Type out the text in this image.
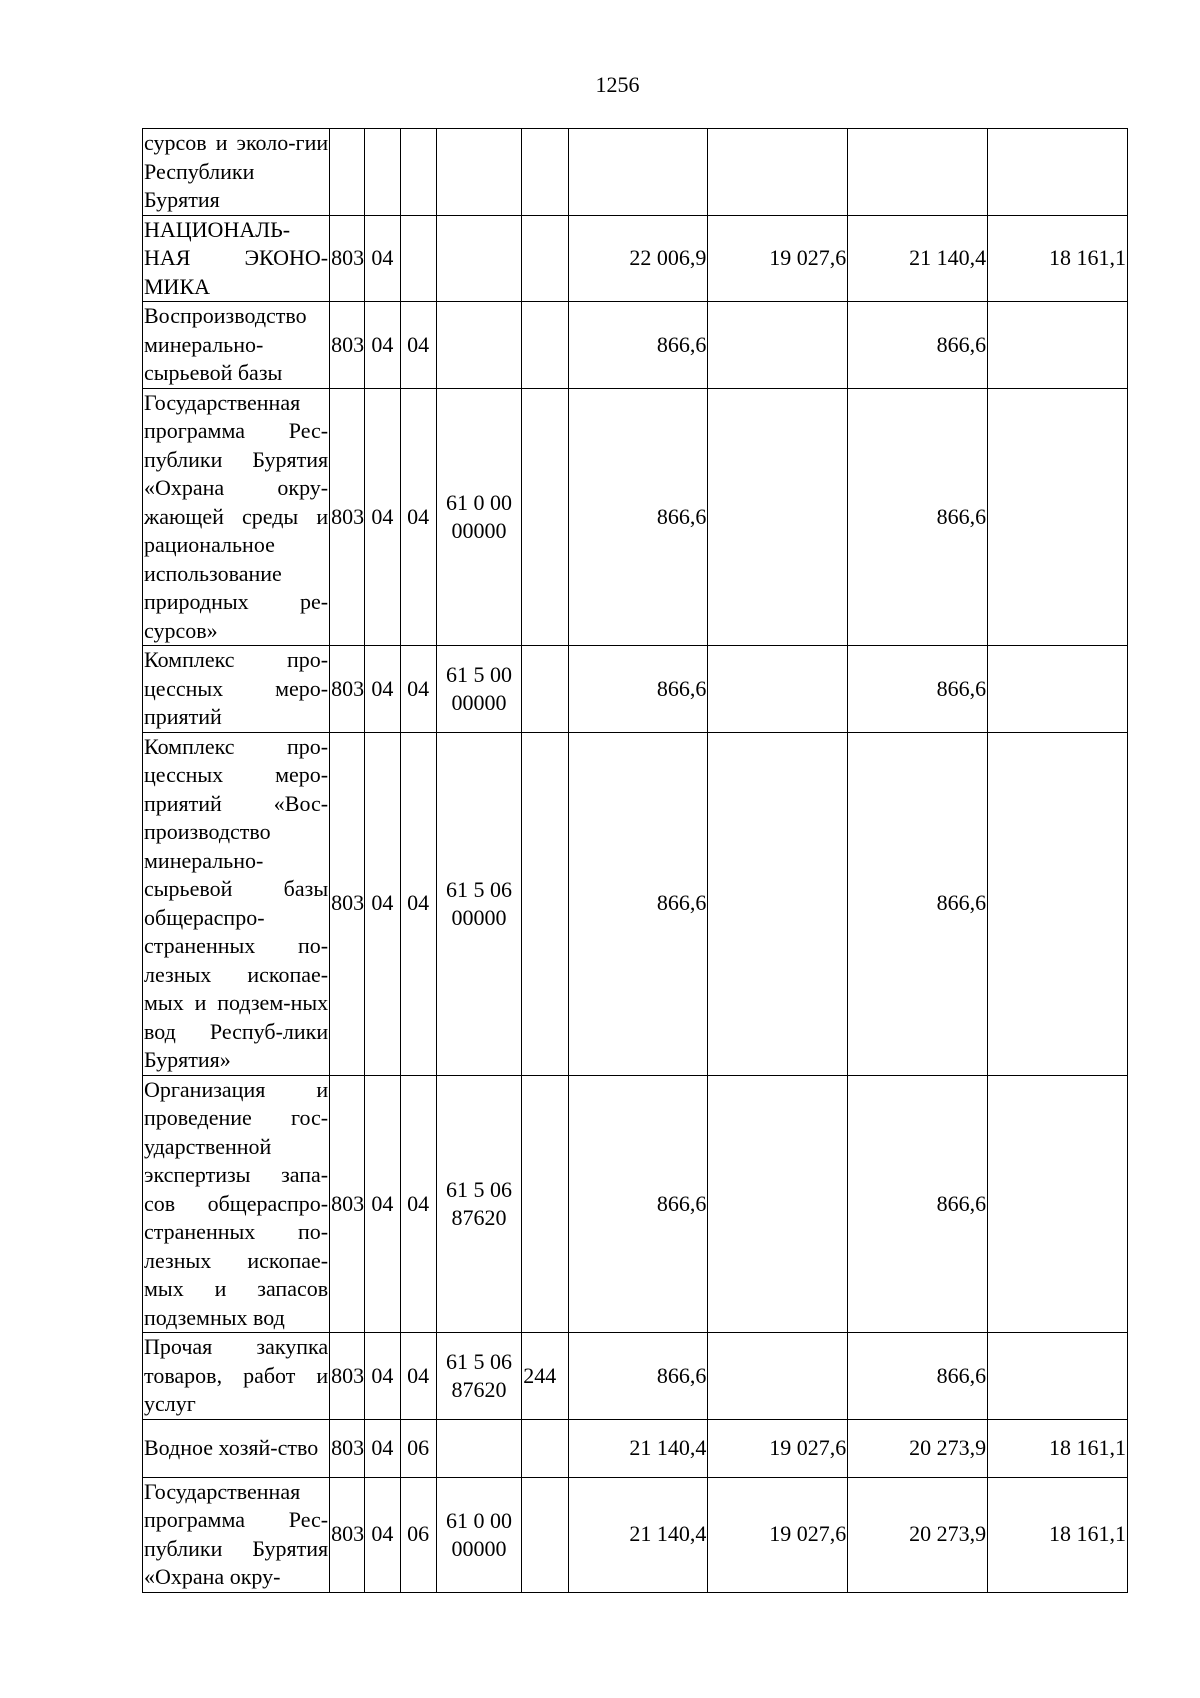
1256
сурсов и эколо-гии Республики Бурятия									
НАЦИОНАЛЬ-НАЯ ЭКОНО-МИКА	803	04				22 006,9	19 027,6	21 140,4	18 161,1
Воспроизводство минерально-сырьевой базы	803	04	04			866,6		866,6	
Государственная программа Рес-публики Бурятия «Охрана окру-жающей среды и рациональное использование природных ре-сурсов»	803	04	04	61 0 00 00000		866,6		866,6	
Комплекс про-цессных меро-приятий	803	04	04	61 5 00 00000		866,6		866,6	
Комплекс про-цессных меро-приятий «Вос-производство минерально-сырьевой базы общераспро-страненных по-лезных ископае-мых и подзем-ных вод Респуб-лики Бурятия»	803	04	04	61 5 06 00000		866,6		866,6	
Организация и проведение гос-ударственной экспертизы запа-сов общераспро-страненных по-лезных ископае-мых и запасов подземных вод	803	04	04	61 5 06 87620		866,6		866,6	
Прочая закупка товаров, работ и услуг	803	04	04	61 5 06 87620	244	866,6		866,6	
Водное хозяй-ство	803	04	06			21 140,4	19 027,6	20 273,9	18 161,1
Государственная программа Рес-публики Бурятия «Охрана окру-	803	04	06	61 0 00 00000		21 140,4	19 027,6	20 273,9	18 161,1
